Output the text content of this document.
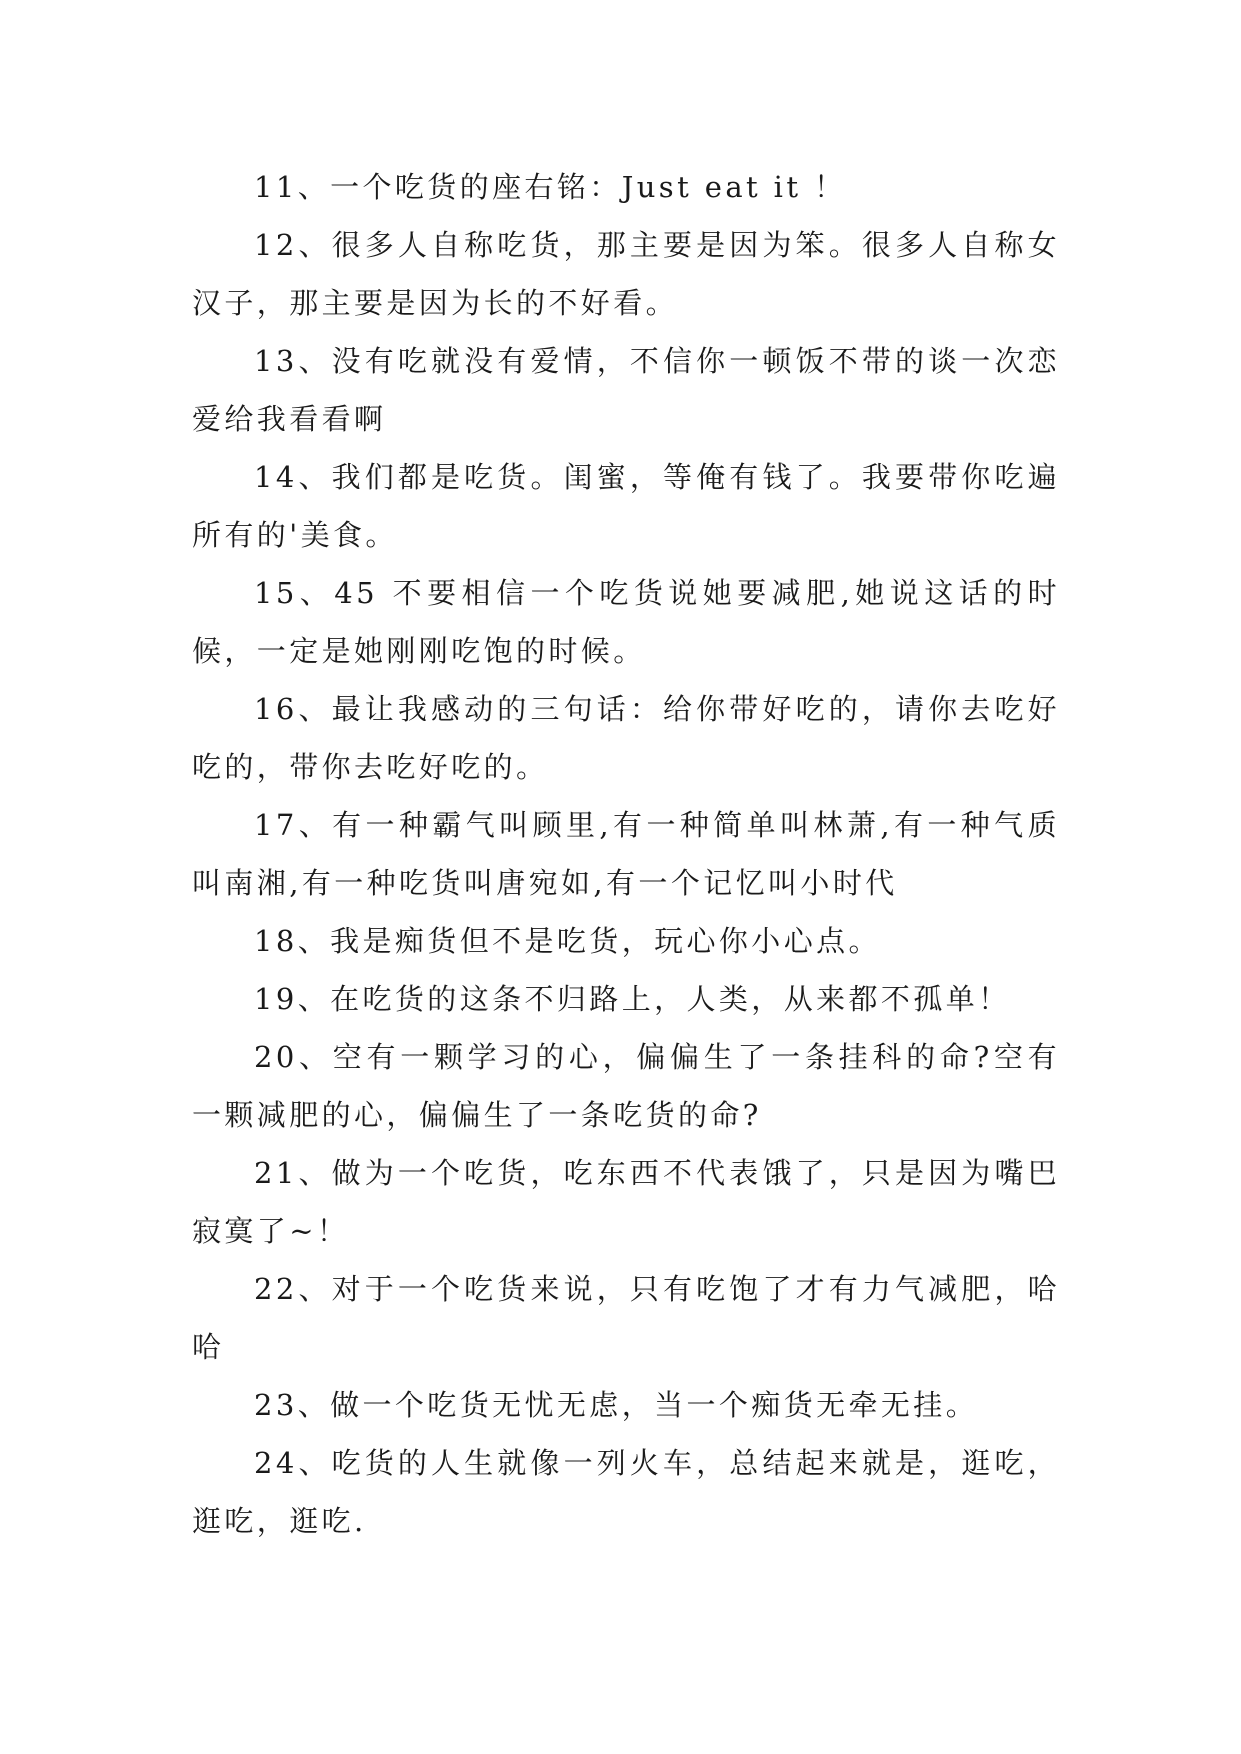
11、一个吃货的座右铭：Just eat it ！

12、很多人自称吃货，那主要是因为笨。很多人自称女汉子，那主要是因为长的不好看。

13、没有吃就没有爱情，不信你一顿饭不带的谈一次恋爱给我看看啊

14、我们都是吃货。闺蜜，等俺有钱了。我要带你吃遍所有的'美食。

15、45 不要相信一个吃货说她要减肥,她说这话的时候，一定是她刚刚吃饱的时候。

16、最让我感动的三句话：给你带好吃的，请你去吃好吃的，带你去吃好吃的。

17、有一种霸气叫顾里,有一种简单叫林萧,有一种气质叫南湘,有一种吃货叫唐宛如,有一个记忆叫小时代

18、我是痴货但不是吃货，玩心你小心点。

19、在吃货的这条不归路上，人类，从来都不孤单！

20、空有一颗学习的心，偏偏生了一条挂科的命?空有一颗减肥的心，偏偏生了一条吃货的命?

21、做为一个吃货，吃东西不代表饿了，只是因为嘴巴寂寞了~！

22、对于一个吃货来说，只有吃饱了才有力气减肥，哈哈

23、做一个吃货无忧无虑，当一个痴货无牵无挂。

24、吃货的人生就像一列火车，总结起来就是，逛吃，逛吃，逛吃.
